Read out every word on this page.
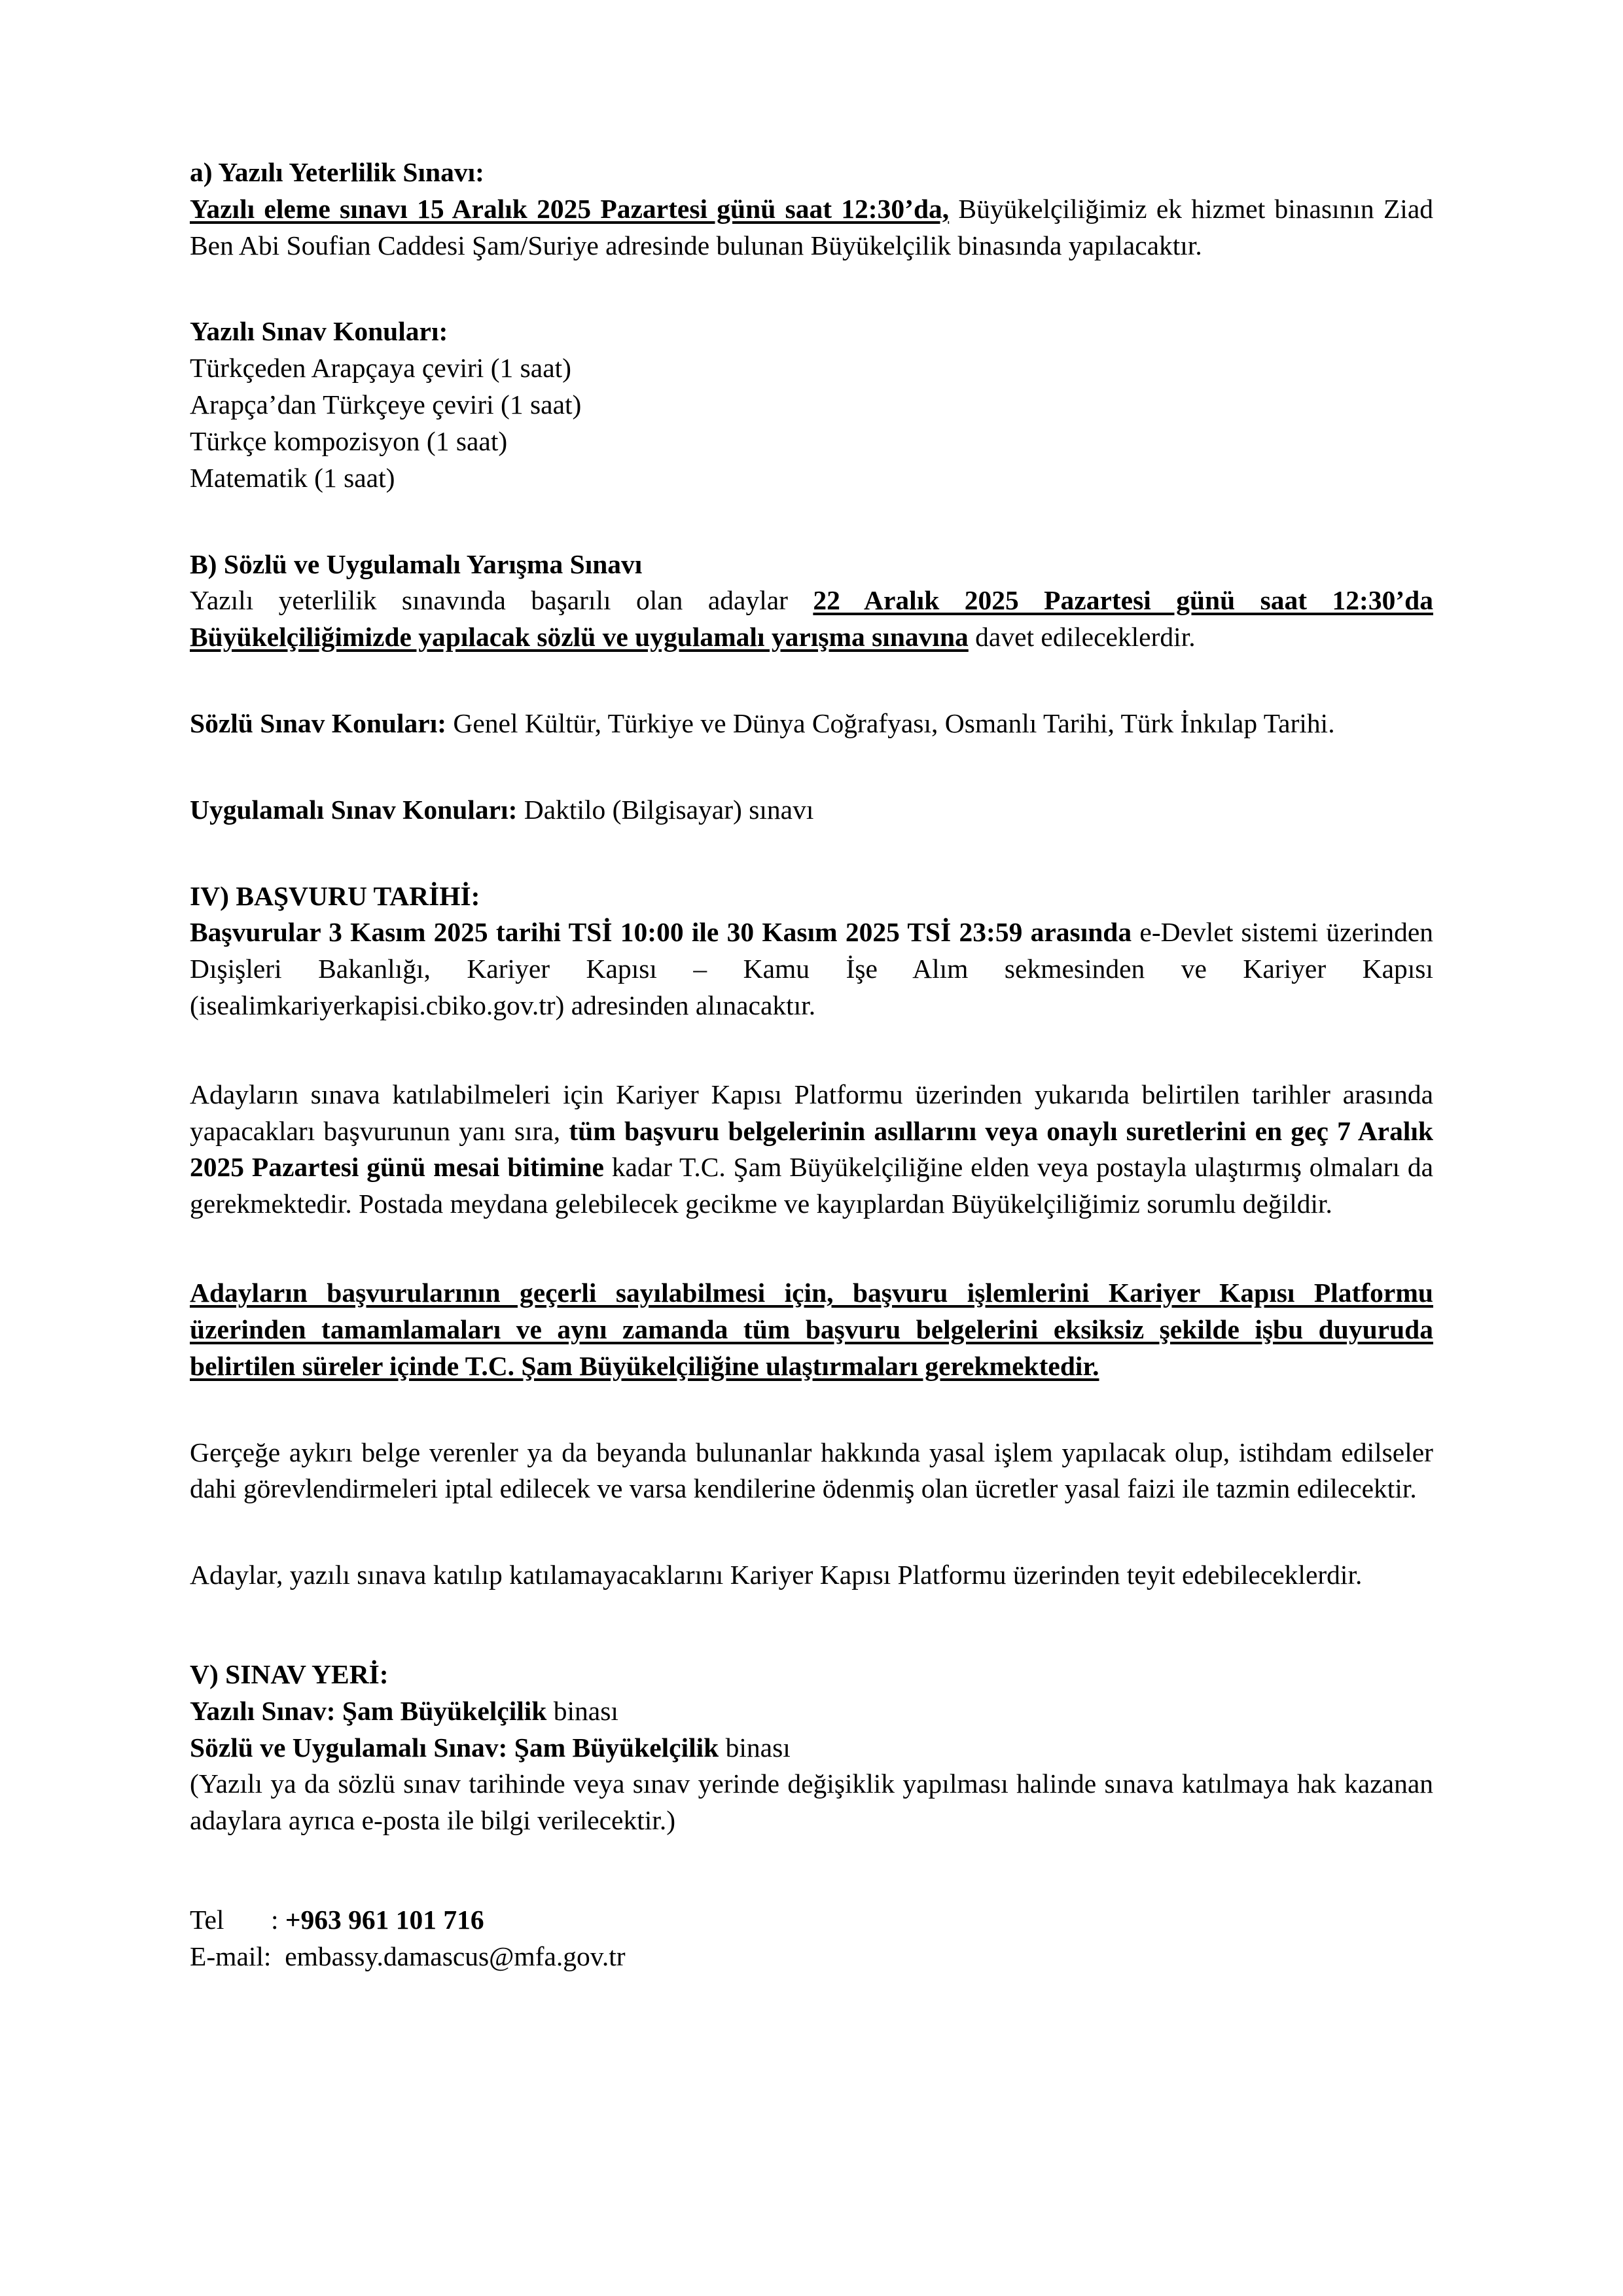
a) Yazılı Yeterlilik Sınavı:

Yazılı eleme sınavı 15 Aralık 2025 Pazartesi günü saat 12:30’da, Büyükelçiliğimiz ek hizmet binasının Ziad Ben Abi Soufian Caddesi Şam/Suriye adresinde bulunan Büyükelçilik binasında yapılacaktır.

Yazılı Sınav Konuları:

Türkçeden Arapçaya çeviri (1 saat)

Arapça’dan Türkçeye çeviri (1 saat)

Türkçe kompozisyon (1 saat)

Matematik (1 saat)

B) Sözlü ve Uygulamalı Yarışma Sınavı

Yazılı yeterlilik sınavında başarılı olan adaylar 22 Aralık 2025 Pazartesi günü saat 12:30’da Büyükelçiliğimizde yapılacak sözlü ve uygulamalı yarışma sınavına davet edileceklerdir.

Sözlü Sınav Konuları: Genel Kültür, Türkiye ve Dünya Coğrafyası, Osmanlı Tarihi, Türk İnkılap Tarihi.

Uygulamalı Sınav Konuları: Daktilo (Bilgisayar) sınavı

IV) BAŞVURU TARİHİ:

Başvurular 3 Kasım 2025 tarihi TSİ 10:00 ile 30 Kasım 2025 TSİ 23:59 arasında e-Devlet sistemi üzerinden Dışişleri Bakanlığı, Kariyer Kapısı – Kamu İşe Alım sekmesinden ve Kariyer Kapısı (isealimkariyerkapisi.cbiko.gov.tr) adresinden alınacaktır.

Adayların sınava katılabilmeleri için Kariyer Kapısı Platformu üzerinden yukarıda belirtilen tarihler arasında yapacakları başvurunun yanı sıra, tüm başvuru belgelerinin asıllarını veya onaylı suretlerini en geç 7 Aralık 2025 Pazartesi günü mesai bitimine kadar T.C. Şam Büyükelçiliğine elden veya postayla ulaştırmış olmaları da gerekmektedir. Postada meydana gelebilecek gecikme ve kayıplardan Büyükelçiliğimiz sorumlu değildir.

Adayların başvurularının geçerli sayılabilmesi için, başvuru işlemlerini Kariyer Kapısı Platformu üzerinden tamamlamaları ve aynı zamanda tüm başvuru belgelerini eksiksiz şekilde işbu duyuruda belirtilen süreler içinde T.C. Şam Büyükelçiliğine ulaştırmaları gerekmektedir.

Gerçeğe aykırı belge verenler ya da beyanda bulunanlar hakkında yasal işlem yapılacak olup, istihdam edilseler dahi görevlendirmeleri iptal edilecek ve varsa kendilerine ödenmiş olan ücretler yasal faizi ile tazmin edilecektir.

Adaylar, yazılı sınava katılıp katılamayacaklarını Kariyer Kapısı Platformu üzerinden teyit edebileceklerdir.

V) SINAV YERİ:

Yazılı Sınav: Şam Büyükelçilik binası

Sözlü ve Uygulamalı Sınav: Şam Büyükelçilik binası

(Yazılı ya da sözlü sınav tarihinde veya sınav yerinde değişiklik yapılması halinde sınava katılmaya hak kazanan adaylara ayrıca e-posta ile bilgi verilecektir.)

Tel : +963 961 101 716

E-mail:  embassy.damascus@mfa.gov.tr
